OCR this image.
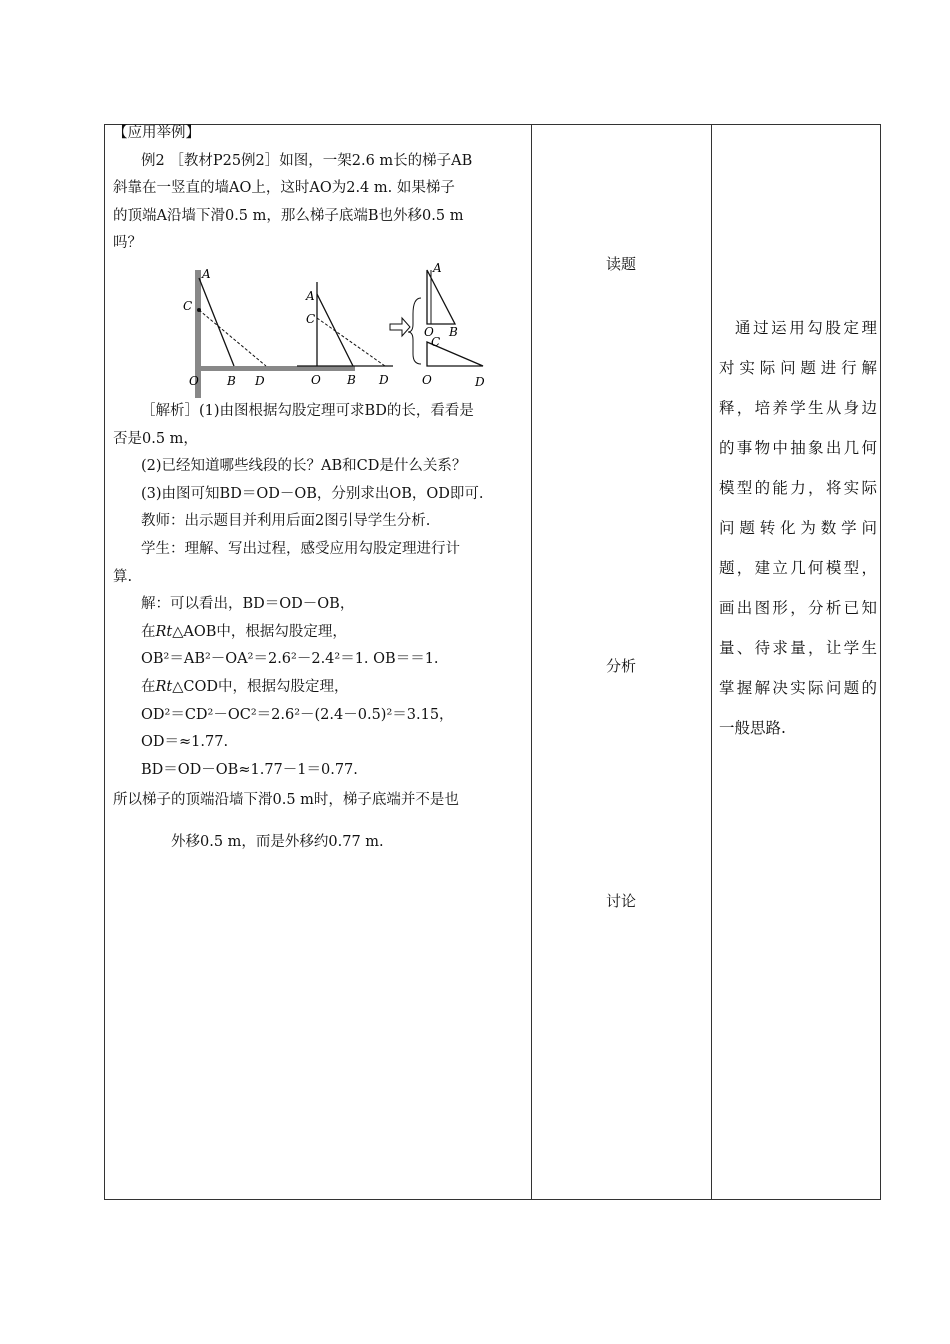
【应用举例】

例2 ［教材P25例2］如图，一架2.6 m长的梯子AB

斜靠在一竖直的墙AO上，这时AO为2.4 m. 如果梯子

的顶端A沿墙下滑0.5 m，那么梯子底端B也外移0.5 m

吗？

A
C
O B D
A
C
O B D
A
O B
C
O	D

［解析］(1)由图根据勾股定理可求BD的长，看看是

否是0.5 m，

(2)已经知道哪些线段的长？AB和CD是什么关系？

(3)由图可知BD＝OD－OB，分别求出OB，OD即可.

教师：出示题目并利用后面2图引导学生分析.

学生：理解、写出过程，感受应用勾股定理进行计

算.

解：可以看出，BD＝OD－OB，

在Rt△AOB中，根据勾股定理，

OB²＝AB²－OA²＝2.6²－2.4²＝1. OB＝＝1.

在Rt△COD中，根据勾股定理，

OD²＝CD²－OC²＝2.6²－(2.4－0.5)²＝3.15，

OD＝≈1.77.

BD＝OD－OB≈1.77－1＝0.77.

所以梯子的顶端沿墙下滑0.5 m时，梯子底端并不是也

外移0.5 m，而是外移约0.77 m.

读题
分析
讨论
通过运用勾股定理
对实际问题进行解
释，培养学生从身边
的事物中抽象出几何
模型的能力，将实际
问题转化为数学问
题，建立几何模型，
画出图形，分析已知
量、待求量，让学生
掌握解决实际问题的
一般思路.
